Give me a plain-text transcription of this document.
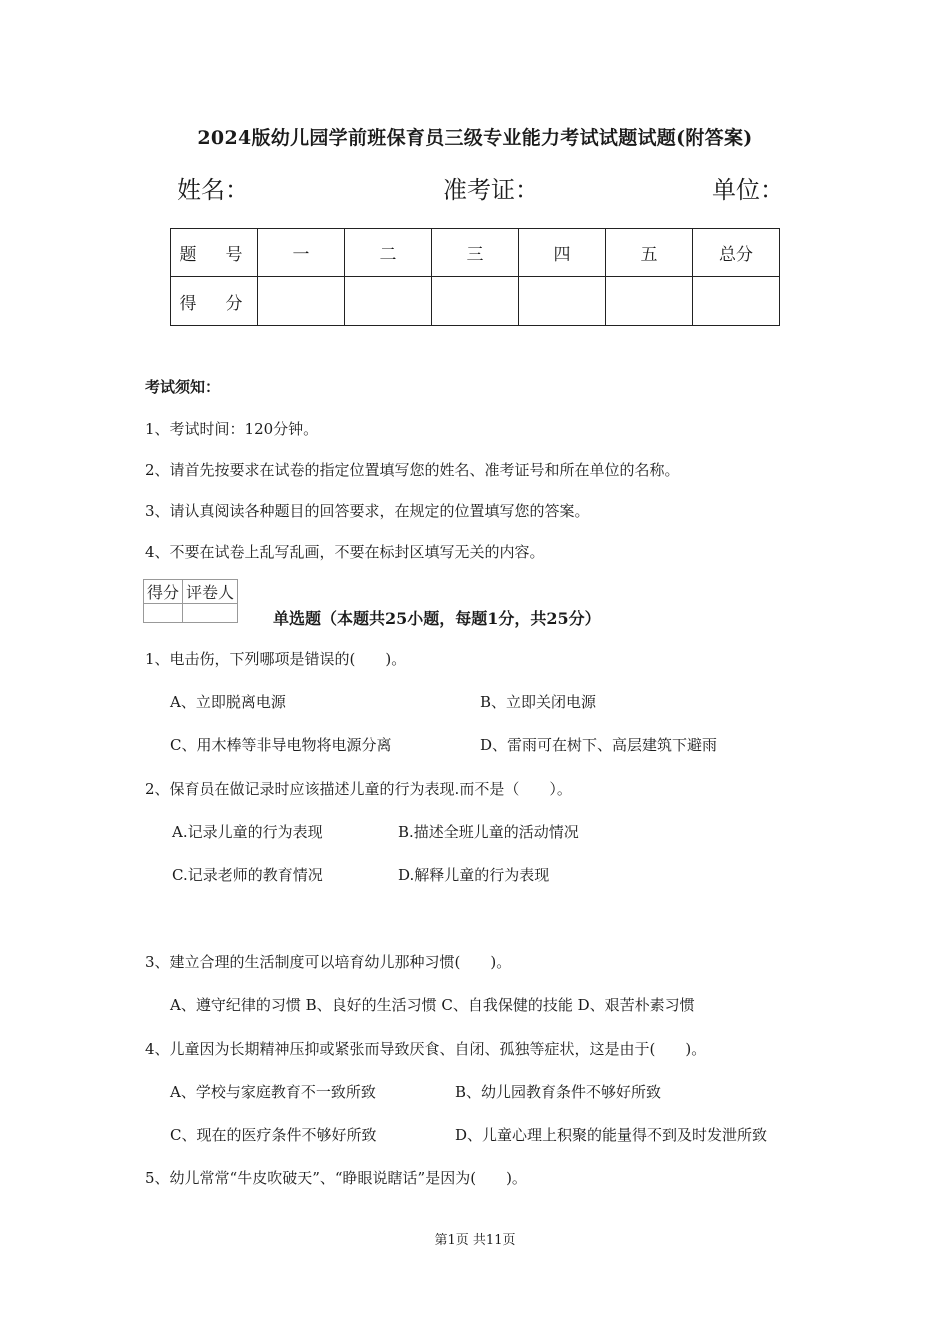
2024版幼儿园学前班保育员三级专业能力考试试题试题(附答案)
姓名：	准考证：	单位：
题　号	一	二	三	四	五	总分
得　分						
考试须知：
1、考试时间：120分钟。
2、请首先按要求在试卷的指定位置填写您的姓名、准考证号和所在单位的名称。
3、请认真阅读各种题目的回答要求，在规定的位置填写您的答案。
4、不要在试卷上乱写乱画，不要在标封区填写无关的内容。
得分	评卷人

单选题（本题共25小题，每题1分，共25分）
1、电击伤，下列哪项是错误的(　　)。
A、立即脱离电源	B、立即关闭电源
C、用木棒等非导电物将电源分离	D、雷雨可在树下、高层建筑下避雨
2、保育员在做记录时应该描述儿童的行为表现.而不是（　　）。
A.记录儿童的行为表现	B.描述全班儿童的活动情况
C.记录老师的教育情况	D.解释儿童的行为表现
3、建立合理的生活制度可以培育幼儿那种习惯(　　)。
A、遵守纪律的习惯 B、良好的生活习惯 C、自我保健的技能 D、艰苦朴素习惯
4、儿童因为长期精神压抑或紧张而导致厌食、自闭、孤独等症状，这是由于(　　)。
A、学校与家庭教育不一致所致	B、幼儿园教育条件不够好所致
C、现在的医疗条件不够好所致	D、儿童心理上积聚的能量得不到及时发泄所致
5、幼儿常常“牛皮吹破天”、“睁眼说瞎话”是因为(　　)。
第1页 共11页
